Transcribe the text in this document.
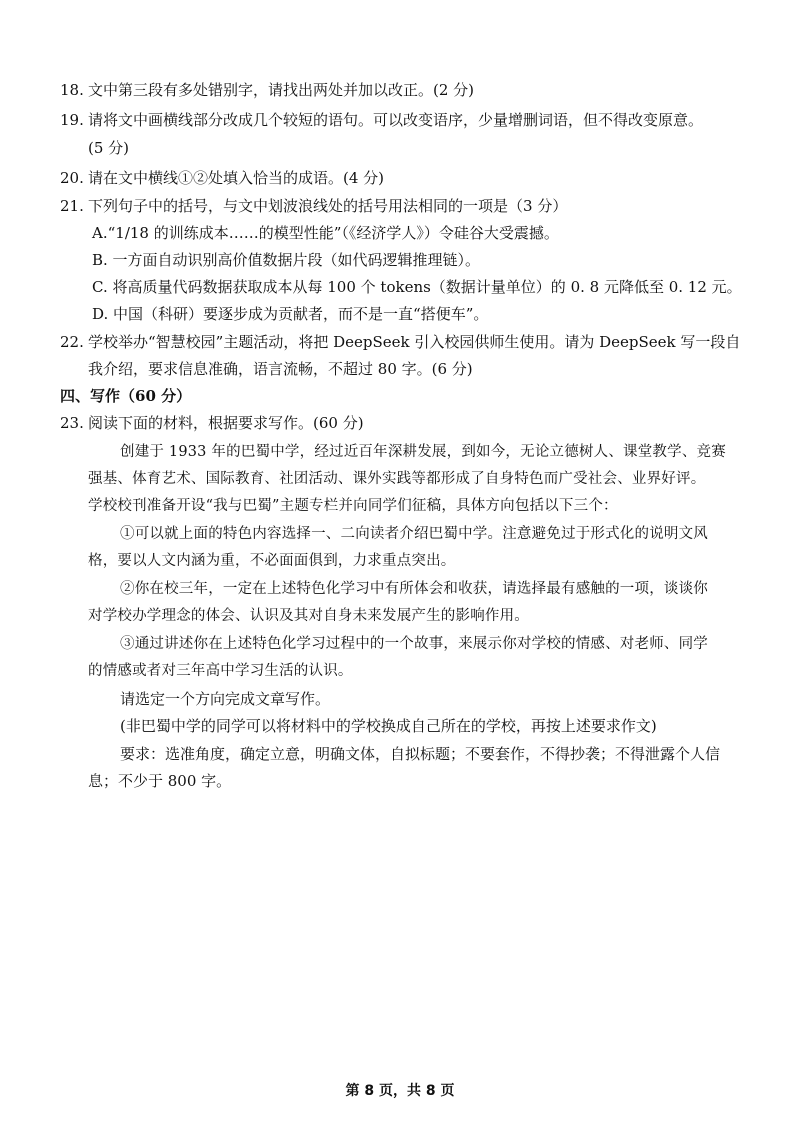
18. 文中第三段有多处错别字，请找出两处并加以改正。(2 分)
19. 请将文中画横线部分改成几个较短的语句。可以改变语序，少量增删词语，但不得改变原意。
(5 分)
20. 请在文中横线①②处填入恰当的成语。(4 分)
21. 下列句子中的括号，与文中划波浪线处的括号用法相同的一项是（3 分）
A.“1/18 的训练成本……的模型性能”（《经济学人》）令硅谷大受震撼。
B. 一方面自动识别高价值数据片段（如代码逻辑推理链）。
C. 将高质量代码数据获取成本从每 100 个 tokens（数据计量单位）的 0. 8 元降低至 0. 12 元。
D. 中国（科研）要逐步成为贡献者，而不是一直“搭便车”。
22. 学校举办“智慧校园”主题活动，将把 DeepSeek 引入校园供师生使用。请为 DeepSeek 写一段自
我介绍，要求信息准确，语言流畅，不超过 80 字。(6 分)
四、写作（60 分）
23. 阅读下面的材料，根据要求写作。(60 分)
创建于 1933 年的巴蜀中学，经过近百年深耕发展，到如今，无论立德树人、课堂教学、竞赛
强基、体育艺术、国际教育、社团活动、课外实践等都形成了自身特色而广受社会、业界好评。
学校校刊准备开设“我与巴蜀”主题专栏并向同学们征稿，具体方向包括以下三个：
①可以就上面的特色内容选择一、二向读者介绍巴蜀中学。注意避免过于形式化的说明文风
格，要以人文内涵为重，不必面面俱到，力求重点突出。
②你在校三年，一定在上述特色化学习中有所体会和收获，请选择最有感触的一项，谈谈你
对学校办学理念的体会、认识及其对自身未来发展产生的影响作用。
③通过讲述你在上述特色化学习过程中的一个故事，来展示你对学校的情感、对老师、同学
的情感或者对三年高中学习生活的认识。
请选定一个方向完成文章写作。
(非巴蜀中学的同学可以将材料中的学校换成自己所在的学校，再按上述要求作文)
要求：选准角度，确定立意，明确文体，自拟标题；不要套作，不得抄袭；不得泄露个人信
息；不少于 800 字。
第 8 页，共 8 页
